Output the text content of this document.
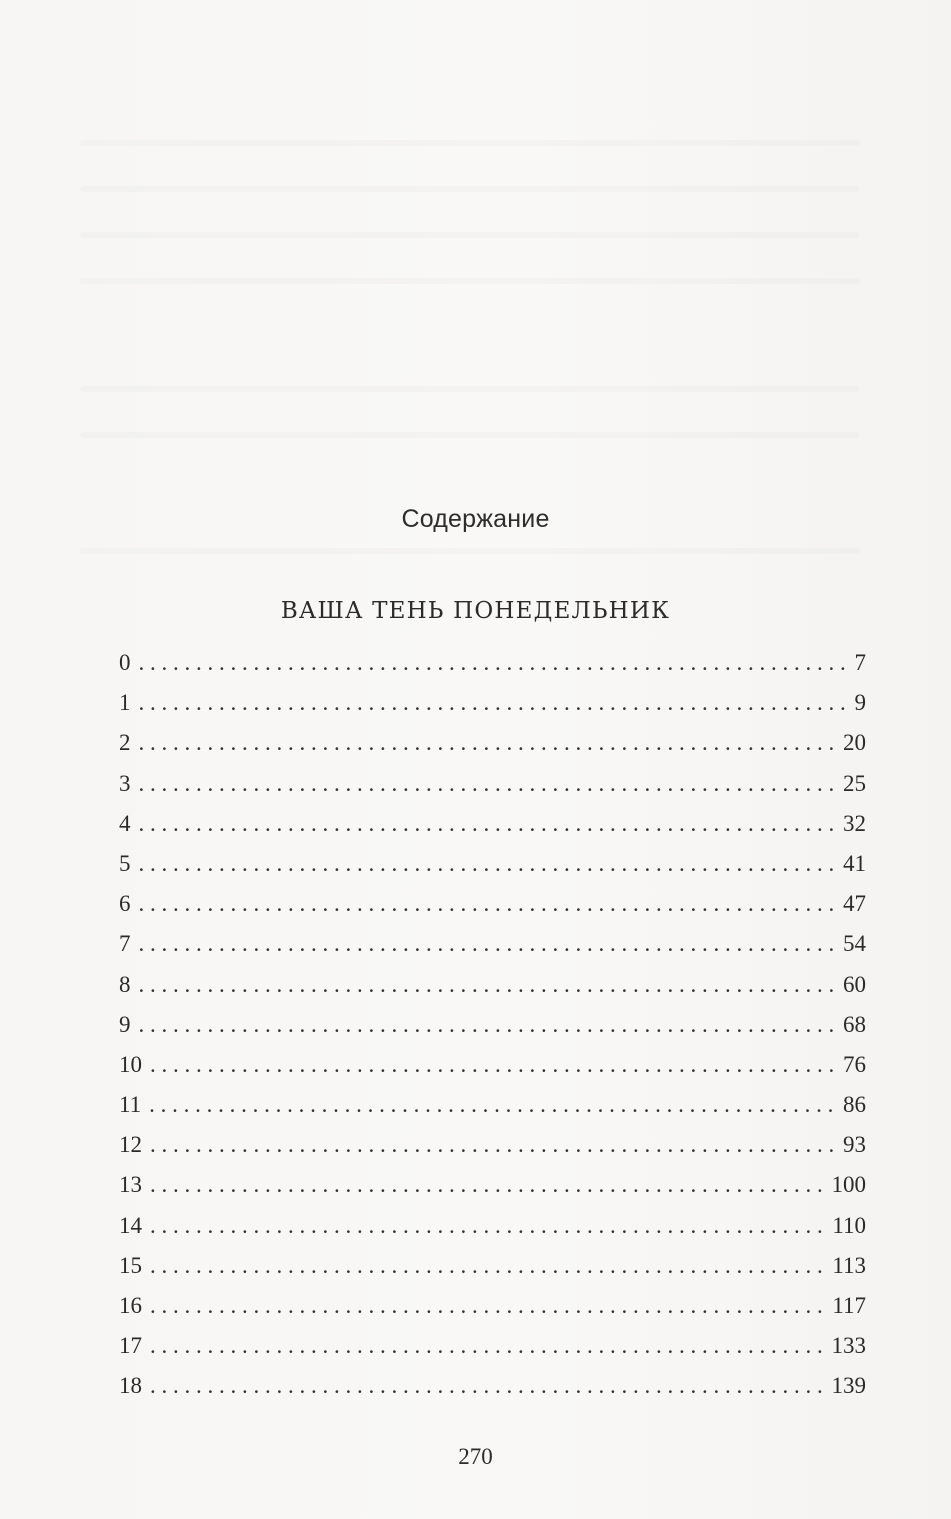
Содержание
ВАША ТЕНЬ ПОНЕДЕЛЬНИК
0 . . .	7
1 . . .	9
2 . . .	20
3 . . .	25
4 . . .	32
5 . . .	41
6 . . .	47
7 . . .	54
8 . . .	60
9 . . .	68
10 . . .	76
11 . . .	86
12 . . .	93
13 . . .	100
14 . . .	110
15 . . .	113
16 . . .	117
17 . . .	133
18 . . .	139
270
